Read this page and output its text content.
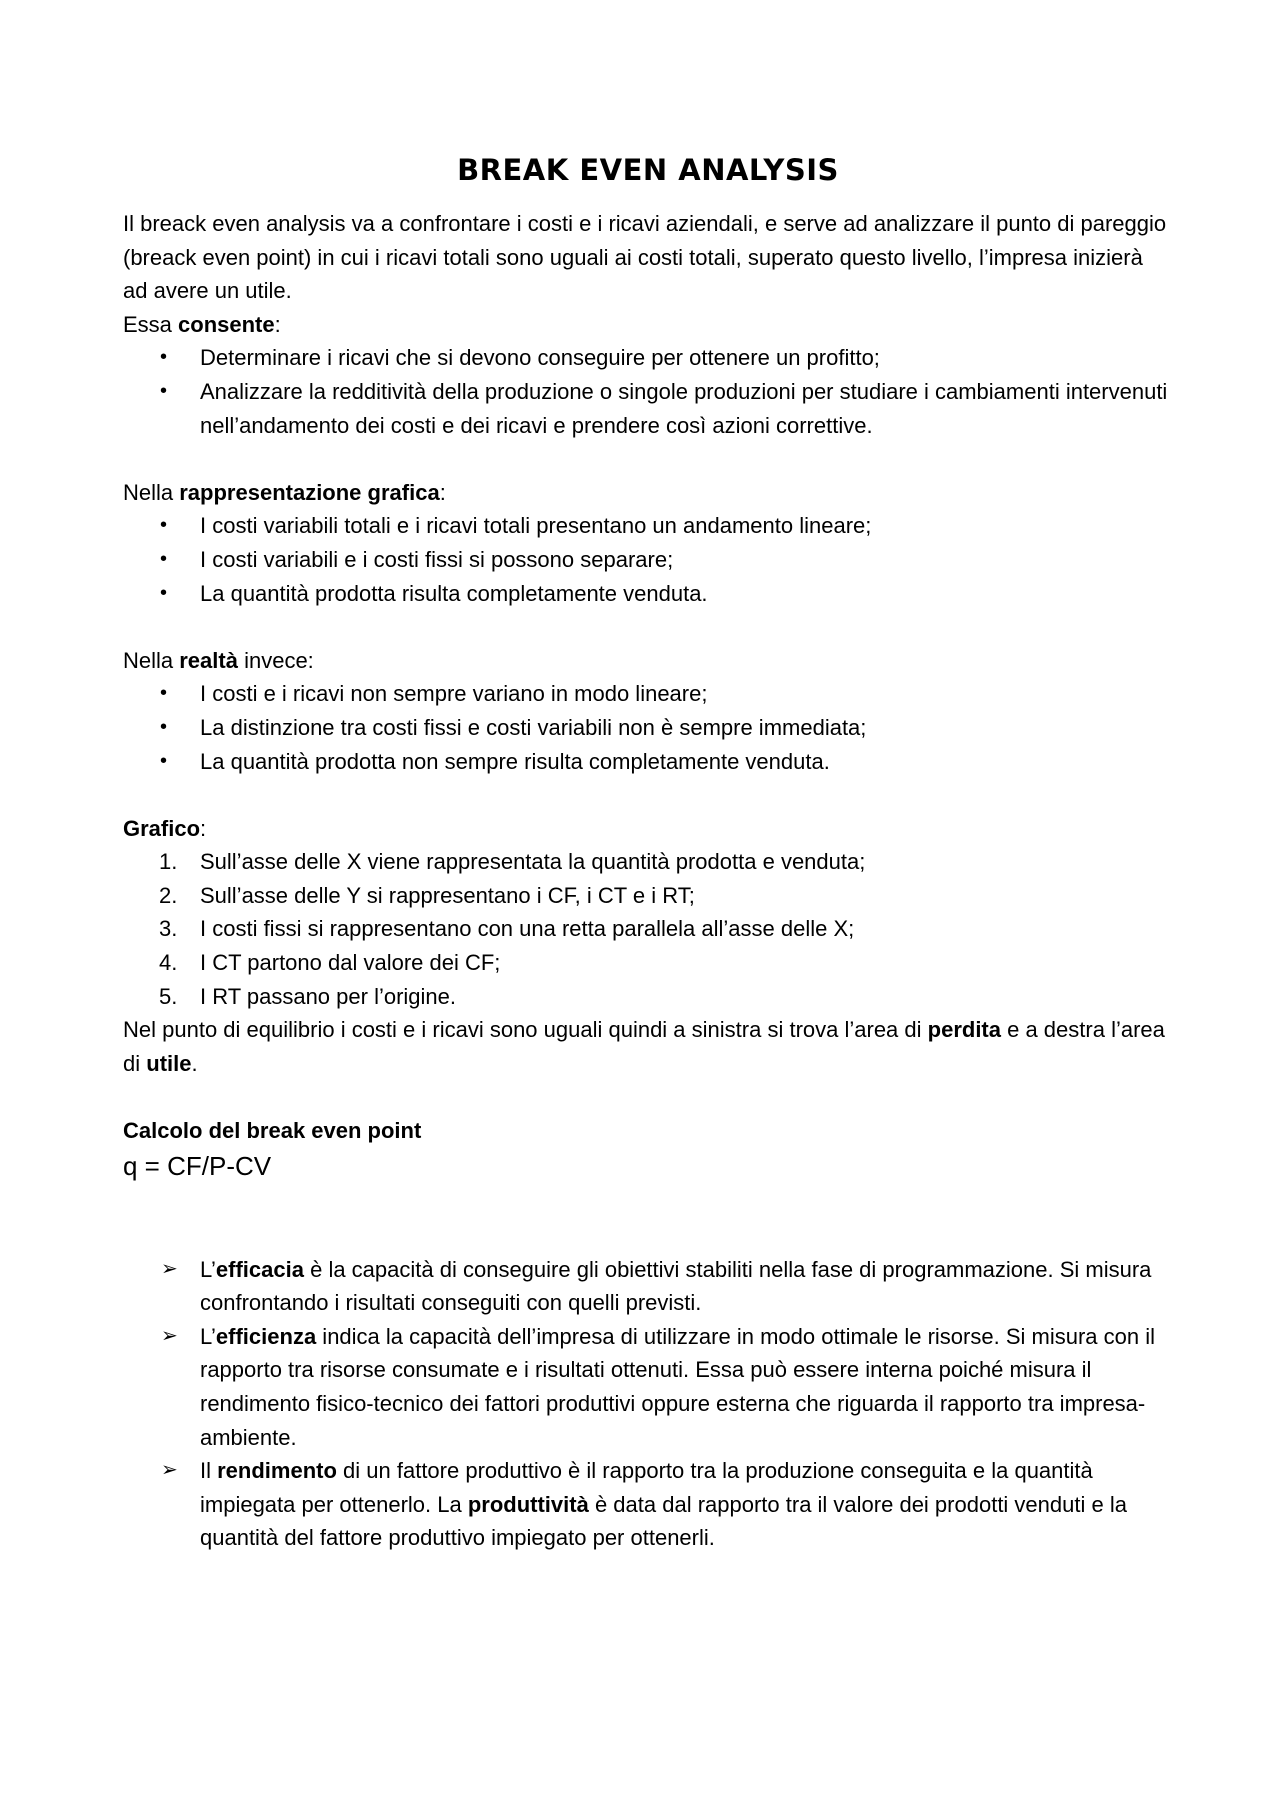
BREAK EVEN ANALYSIS

Il breack even analysis va a confrontare i costi e i ricavi aziendali, e serve ad analizzare il punto di pareggio (breack even point) in cui i ricavi totali sono uguali ai costi totali, superato questo livello, l’impresa inizierà ad avere un utile.

Essa consente:

• Determinare i ricavi che si devono conseguire per ottenere un profitto;
• Analizzare la redditività della produzione o singole produzioni per studiare i cambiamenti intervenuti nell’andamento dei costi e dei ricavi e prendere così azioni correttive.

Nella rappresentazione grafica:

• I costi variabili totali e i ricavi totali presentano un andamento lineare;
• I costi variabili e i costi fissi si possono separare;
• La quantità prodotta risulta completamente venduta.

Nella realtà invece:

• I costi e i ricavi non sempre variano in modo lineare;
• La distinzione tra costi fissi e costi variabili non è sempre immediata;
• La quantità prodotta non sempre risulta completamente venduta.

Grafico:

1.	Sull’asse delle X viene rappresentata la quantità prodotta e venduta;
2.	Sull’asse delle Y si rappresentano i CF, i CT e i RT;
3.	I costi fissi si rappresentano con una retta parallela all’asse delle X;
4.	I CT partono dal valore dei CF;
5.	I RT passano per l’origine.

Nel punto di equilibrio i costi e i ricavi sono uguali quindi a sinistra si trova l’area di perdita e a destra l’area di utile.

Calcolo del break even point

q = CF/P-CV

➢ L’efficacia è la capacità di conseguire gli obiettivi stabiliti nella fase di programmazione. Si misura confrontando i risultati conseguiti con quelli previsti.
➢ L’efficienza indica la capacità dell’impresa di utilizzare in modo ottimale le risorse. Si misura con il rapporto tra risorse consumate e i risultati ottenuti. Essa può essere interna poiché misura il rendimento fisico-tecnico dei fattori produttivi oppure esterna che riguarda il rapporto tra impresa-ambiente.
➢ Il rendimento di un fattore produttivo è il rapporto tra la produzione conseguita e la quantità impiegata per ottenerlo. La produttività è data dal rapporto tra il valore dei prodotti venduti e la quantità del fattore produttivo impiegato per ottenerli.
